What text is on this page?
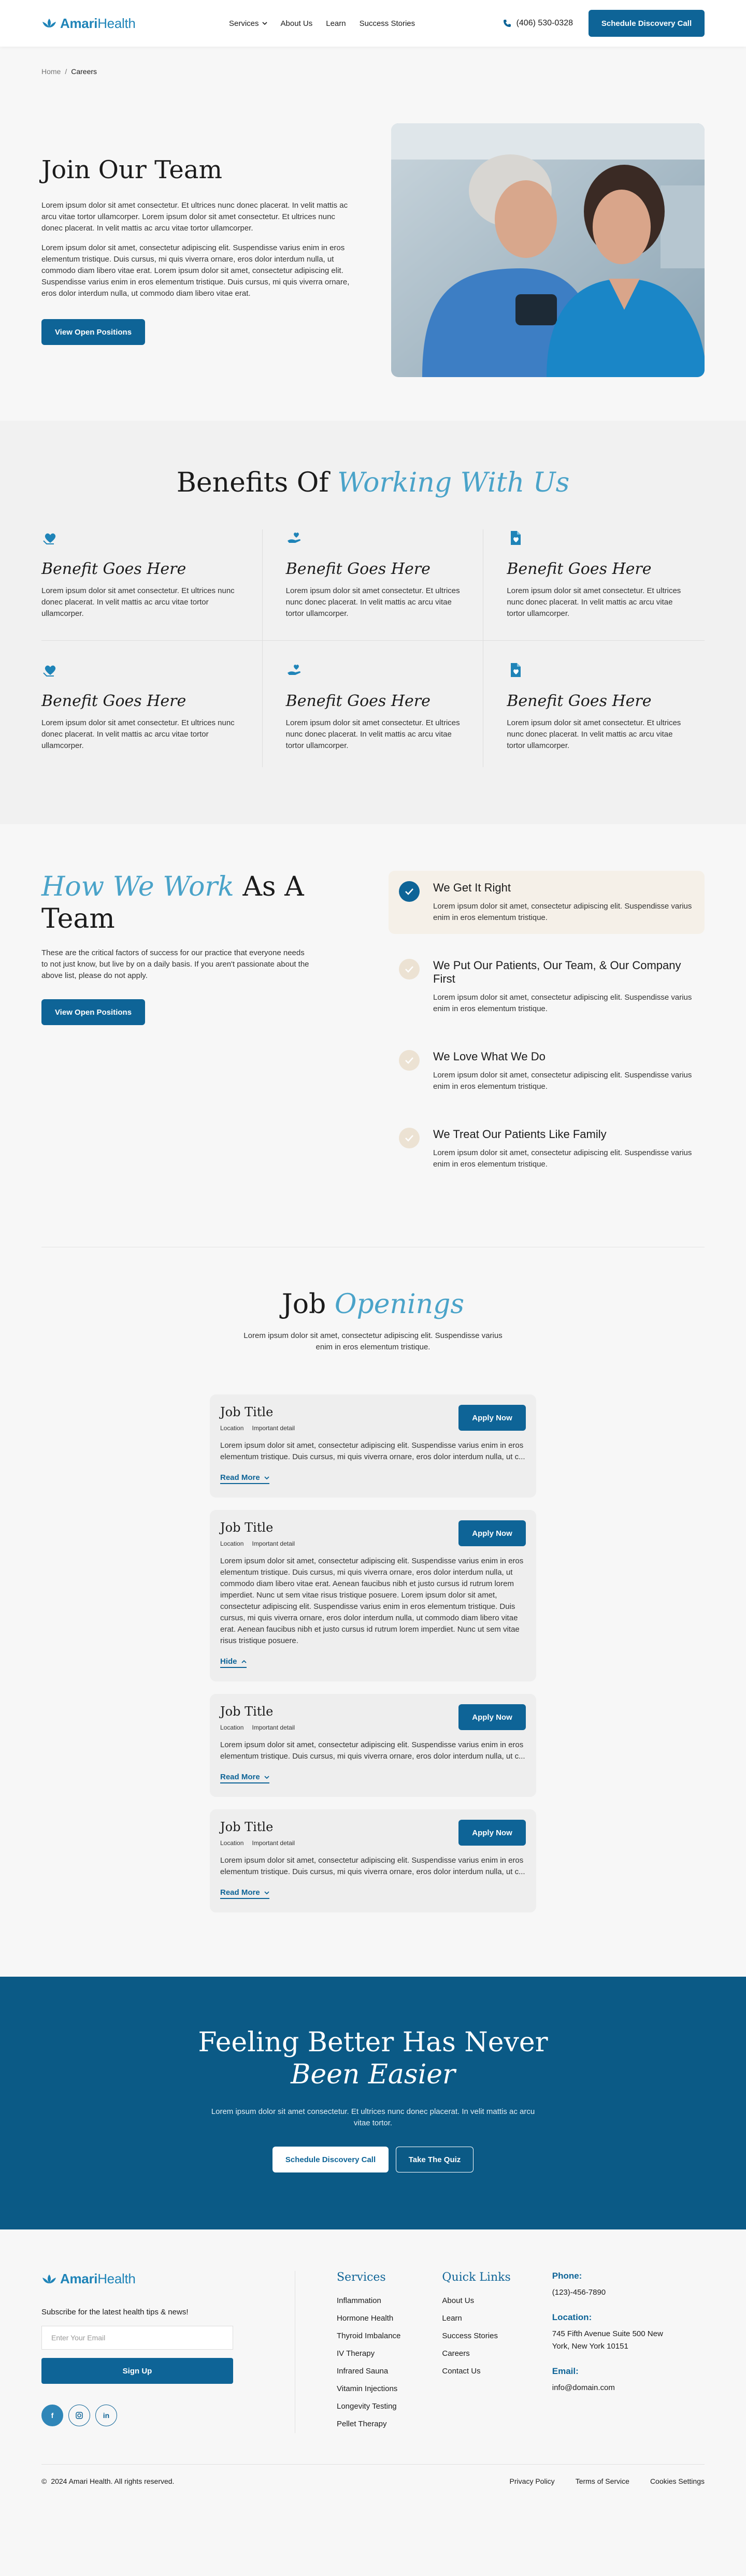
AmariHealth	Services	About Us Learn Success Stories	(406) 530-0328	Schedule Discovery Call
Home / Careers
Join Our Team

Lorem ipsum dolor sit amet consectetur. Et ultrices nunc donec placerat. In velit mattis ac arcu vitae tortor ullamcorper. Lorem ipsum dolor sit amet consectetur. Et ultrices nunc donec placerat. In velit mattis ac arcu vitae tortor ullamcorper.

Lorem ipsum dolor sit amet, consectetur adipiscing elit. Suspendisse varius enim in eros elementum tristique. Duis cursus, mi quis viverra ornare, eros dolor interdum nulla, ut commodo diam libero vitae erat. Lorem ipsum dolor sit amet, consectetur adipiscing elit. Suspendisse varius enim in eros elementum tristique. Duis cursus, mi quis viverra ornare, eros dolor interdum nulla, ut commodo diam libero vitae erat.

View Open Positions
Benefits Of Working With Us
Benefit Goes Here

Lorem ipsum dolor sit amet consectetur. Et ultrices nunc donec placerat. In velit mattis ac arcu vitae tortor ullamcorper.

Benefit Goes Here

Lorem ipsum dolor sit amet consectetur. Et ultrices nunc donec placerat. In velit mattis ac arcu vitae tortor ullamcorper.

Benefit Goes Here

Lorem ipsum dolor sit amet consectetur. Et ultrices nunc donec placerat. In velit mattis ac arcu vitae tortor ullamcorper.

Benefit Goes Here

Lorem ipsum dolor sit amet consectetur. Et ultrices nunc donec placerat. In velit mattis ac arcu vitae tortor ullamcorper.

Benefit Goes Here

Lorem ipsum dolor sit amet consectetur. Et ultrices nunc donec placerat. In velit mattis ac arcu vitae tortor ullamcorper.

Benefit Goes Here

Lorem ipsum dolor sit amet consectetur. Et ultrices nunc donec placerat. In velit mattis ac arcu vitae tortor ullamcorper.

How We Work As A Team

These are the critical factors of success for our practice that everyone needs to not just know, but live by on a daily basis. If you aren't passionate about the above list, please do not apply.

View Open Positions
We Get It Right

Lorem ipsum dolor sit amet, consectetur adipiscing elit. Suspendisse varius enim in eros elementum tristique.

We Put Our Patients, Our Team, & Our Company First

Lorem ipsum dolor sit amet, consectetur adipiscing elit. Suspendisse varius enim in eros elementum tristique.

We Love What We Do

Lorem ipsum dolor sit amet, consectetur adipiscing elit. Suspendisse varius enim in eros elementum tristique.

We Treat Our Patients Like Family

Lorem ipsum dolor sit amet, consectetur adipiscing elit. Suspendisse varius enim in eros elementum tristique.

Job Openings

Lorem ipsum dolor sit amet, consectetur adipiscing elit. Suspendisse varius enim in eros elementum tristique.

Job Title
Location Important detail
Apply Now

Lorem ipsum dolor sit amet, consectetur adipiscing elit. Suspendisse varius enim in eros elementum tristique. Duis cursus, mi quis viverra ornare, eros dolor interdum nulla, ut c...

Read More
Job Title
Location Important detail
Apply Now

Lorem ipsum dolor sit amet, consectetur adipiscing elit. Suspendisse varius enim in eros elementum tristique. Duis cursus, mi quis viverra ornare, eros dolor interdum nulla, ut commodo diam libero vitae erat. Aenean faucibus nibh et justo cursus id rutrum lorem imperdiet. Nunc ut sem vitae risus tristique posuere. Lorem ipsum dolor sit amet, consectetur adipiscing elit. Suspendisse varius enim in eros elementum tristique. Duis cursus, mi quis viverra ornare, eros dolor interdum nulla, ut commodo diam libero vitae erat. Aenean faucibus nibh et justo cursus id rutrum lorem imperdiet. Nunc ut sem vitae risus tristique posuere.

Hide
Job Title
Location Important detail
Apply Now

Lorem ipsum dolor sit amet, consectetur adipiscing elit. Suspendisse varius enim in eros elementum tristique. Duis cursus, mi quis viverra ornare, eros dolor interdum nulla, ut c...

Read More
Job Title
Location Important detail
Apply Now

Lorem ipsum dolor sit amet, consectetur adipiscing elit. Suspendisse varius enim in eros elementum tristique. Duis cursus, mi quis viverra ornare, eros dolor interdum nulla, ut c...

Read More
Feeling Better Has Never
Been Easier

Lorem ipsum dolor sit amet consectetur. Et ultrices nunc donec placerat. In velit mattis ac arcu vitae tortor.

Schedule Discovery Call	Take The Quiz
AmariHealth
Subscribe for the latest health tips & news!
Enter Your Email
Sign Up
f	in
Services
Inflammation
Hormone Health
Thyroid Imbalance
IV Therapy
Infrared Sauna
Vitamin Injections
Longevity Testing
Pellet Therapy
Quick Links
About Us
Learn
Success Stories
Careers
Contact Us
Phone:
(123)-456-7890
Location:
745 Fifth Avenue Suite 500 New York, New York 10151
Email:
info@domain.com
© 2024 Amari Health. All rights reserved.	Privacy Policy	Terms of Service	Cookies Settings
